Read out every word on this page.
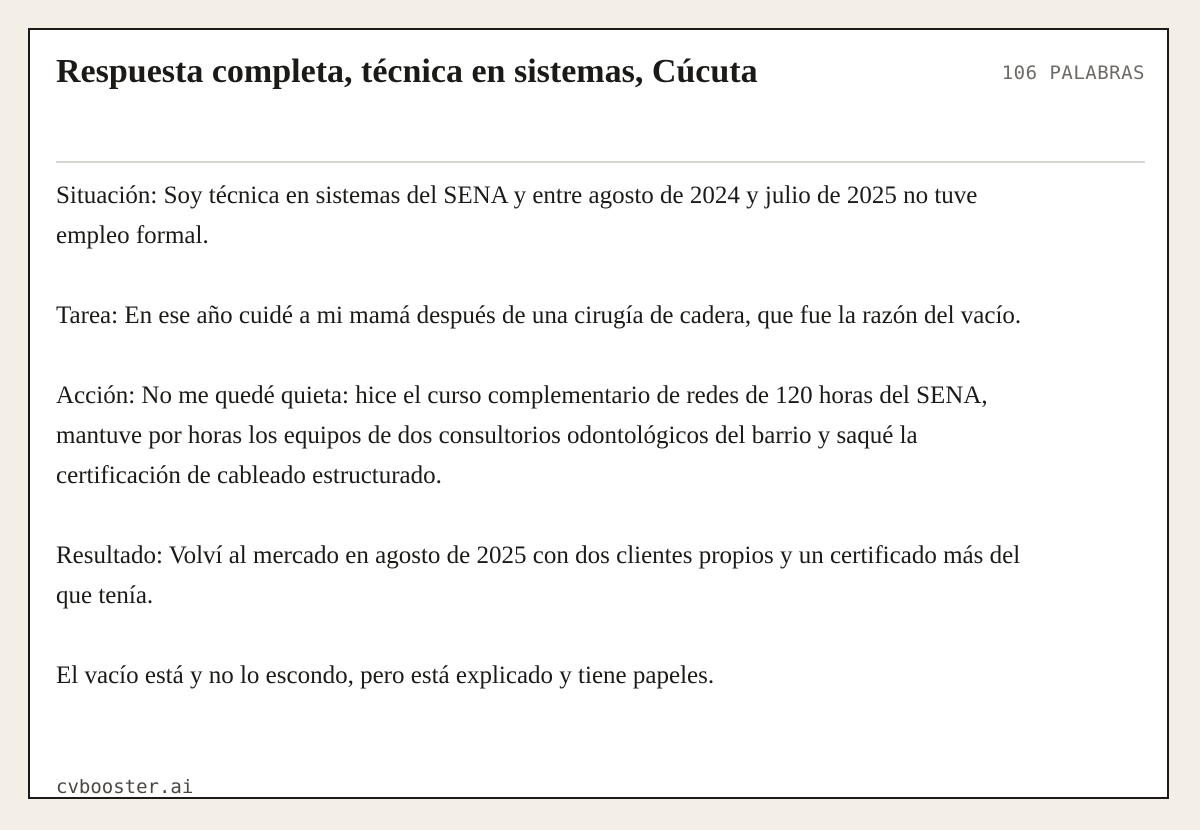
Respuesta completa, técnica en sistemas, Cúcuta	106 PALABRAS

Situación: Soy técnica en sistemas del SENA y entre agosto de 2024 y julio de 2025 no tuve empleo formal.

Tarea: En ese año cuidé a mi mamá después de una cirugía de cadera, que fue la razón del vacío.

Acción: No me quedé quieta: hice el curso complementario de redes de 120 horas del SENA, mantuve por horas los equipos de dos consultorios odontológicos del barrio y saqué la certificación de cableado estructurado.

Resultado: Volví al mercado en agosto de 2025 con dos clientes propios y un certificado más del que tenía.

El vacío está y no lo escondo, pero está explicado y tiene papeles.

cvbooster.ai
